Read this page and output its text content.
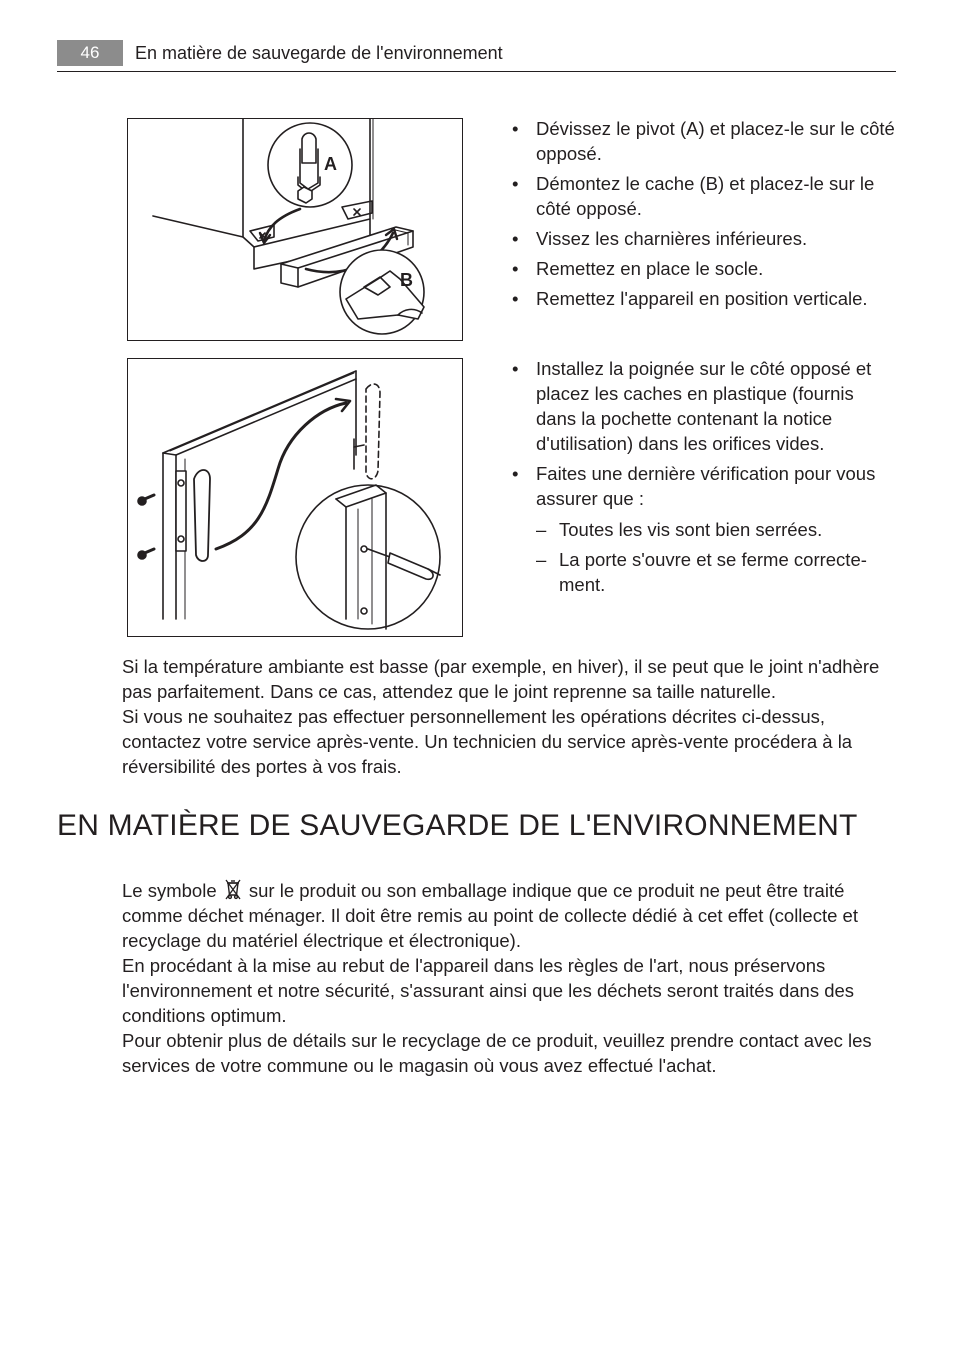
46	En matière de sauvegarde de l'environnement
A
B
• Dévissez le pivot (A) et placez-le sur le côté opposé.
• Démontez le cache (B) et placez-le sur le côté opposé.
• Vissez les charnières inférieures.
• Remettez en place le socle.
• Remettez l'appareil en position verticale.
• Installez la poignée sur le côté opposé et placez les caches en plastique (fournis dans la pochette contenant la notice d'utilisation) dans les orifices vides.
• Faites une dernière vérification pour vous assurer que :
– Toutes les vis sont bien serrées.
– La porte s'ouvre et se ferme correcte-ment.

Si la température ambiante est basse (par exemple, en hiver), il se peut que le joint n'adhère pas parfaitement. Dans ce cas, attendez que le joint reprenne sa taille naturelle.

Si vous ne souhaitez pas effectuer personnellement les opérations décrites ci-dessus, contactez votre service après-vente. Un technicien du service après-vente procédera à la réversibilité des portes à vos frais.

EN MATIÈRE DE SAUVEGARDE DE L'ENVIRONNEMENT

Le symbole sur le produit ou son emballage indique que ce produit ne peut être traité comme déchet ménager. Il doit être remis au point de collecte dédié à cet effet (collecte et recyclage du matériel électrique et électronique).

En procédant à la mise au rebut de l'appareil dans les règles de l'art, nous préservons l'environnement et notre sécurité, s'assurant ainsi que les déchets seront traités dans des conditions optimum.

Pour obtenir plus de détails sur le recyclage de ce produit, veuillez prendre contact avec les services de votre commune ou le magasin où vous avez effectué l'achat.
